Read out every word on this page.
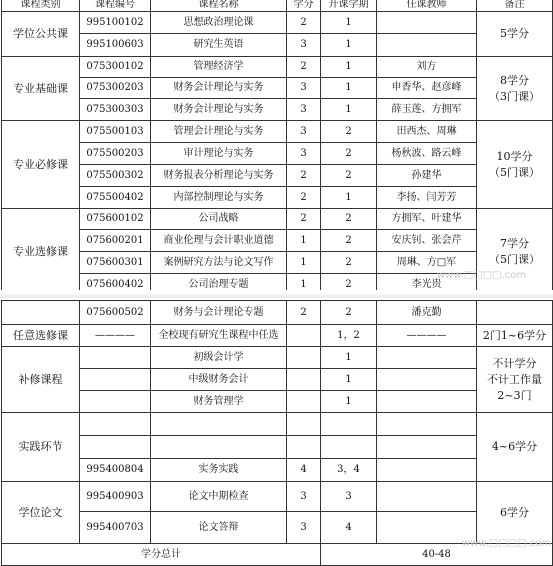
课程类别	课程编号	课程名称	学分	开课学期	任课教师	备注
学位公共课	995100102	思想政治理论课	2	1		5学分
	995100603	研究生英语	3	1		
专业基础课	075300102	管理经济学	2	1	刘方	8学分
（3门课）

	075300203	财务会计理论与实务	3	1	申香华、赵彦峰	
	075300303	财务会计理论与实务	3	1	薛玉莲、方拥军	
专业必修课	075500103	管理会计理论与实务	3	2	田西杰、周琳	10学分
（5门课）

	075500203	审计理论与实务	3	2	杨秋波、路云峰	
	075500302	财务报表分析理论与实务	2	2	孙建华	
	075500402	内部控制理论与实务	2	1	李扬、闫芳芳	
专业选修课	075600102	公司战略	2	2	方拥军、叶建华	7学分
（5门课）

	075600201	商业伦理与会计职业道德	1	2	安庆钊、张会芹	
	075600301	案例研究方法与论文写作	1	2	周琳、方□军	
	075600402	公司治理专题	1	2	李光贵	
	075600502	财务与会计理论专题	2	2	潘克勤	
任意选修课	————	全校现有研究生课程中任选		1，2	————	2门1~6学分
补修课程		初级会计学		1		不计学分
不计工作量
2~3门

		中级财务会计		1		
		财务管理学		1		
实践环节						4~6学分

	995400804	实务实践	4	3，4		
学位论文	995400903	论文中期检查	3	3		6学分
	995400703	论文答辩	3	4		
学分总计				40-48		
www.□□□□.com
www.□□□□.com
